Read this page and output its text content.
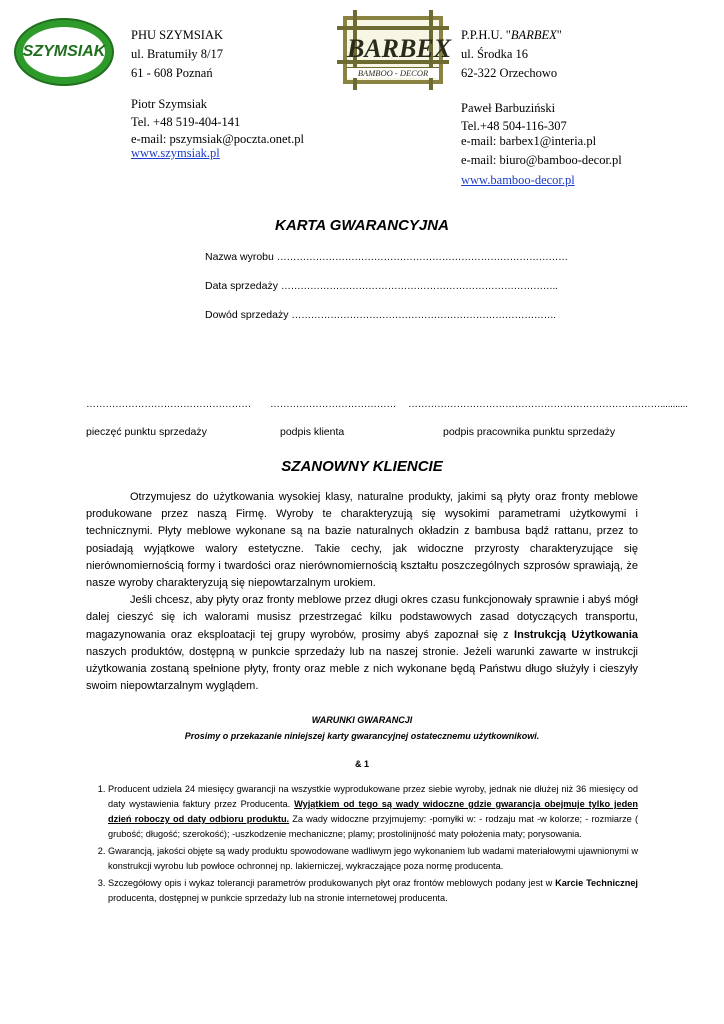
SZYMSIAK	BARBEX
BAMBOO - DECOR
PHU SZYMSIAK
ul. Bratumiły 8/17
61 - 608 Poznań
Piotr Szymsiak
Tel. +48 519-404-141
e-mail: pszymsiak@poczta.onet.pl
www.szymsiak.pl
P.P.H.U. "BARBEX"
ul. Środka 16
62-322 Orzechowo
Paweł Barbuziński
Tel.+48 504-116-307
e-mail: barbex1@interia.pl
e-mail: biuro@bamboo-decor.pl
www.bamboo-decor.pl
KARTA GWARANCYJNA
Nazwa wyrobu ………………………………………………………………………………
Data sprzedaży …………………………………………………………………………..
Dowód sprzedaży ……………………………………………………………………….
…………………………………………… ………………………………… ……………………………………………………………………...........
pieczęć punktu sprzedaży	podpis klienta	podpis pracownika punktu sprzedaży
SZANOWNY KLIENCIE

Otrzymujesz do użytkowania wysokiej klasy, naturalne produkty, jakimi są płyty oraz fronty meblowe produkowane przez naszą Firmę. Wyroby te charakteryzują się wysokimi parametrami użytkowymi i technicznymi. Płyty meblowe wykonane są na bazie naturalnych okładzin z bambusa bądź rattanu, przez to posiadają wyjątkowe walory estetyczne. Takie cechy, jak widoczne przyrosty charakteryzujące się nierównomiernością formy i twardości oraz nierównomiernością kształtu poszczególnych szprosów sprawiają, że nasze wyroby charakteryzują się niepowtarzalnym urokiem.

Jeśli chcesz, aby płyty oraz fronty meblowe przez długi okres czasu funkcjonowały sprawnie i abyś mógł dalej cieszyć się ich walorami musisz przestrzegać kilku podstawowych zasad dotyczących transportu, magazynowania oraz eksploatacji tej grupy wyrobów, prosimy abyś zapoznał się z Instrukcją Użytkowania naszych produktów, dostępną w punkcie sprzedaży lub na naszej stronie. Jeżeli warunki zawarte w instrukcji użytkowania zostaną spełnione płyty, fronty oraz meble z nich wykonane będą Państwu długo służyły i cieszyły swoim niepowtarzalnym wyglądem.

WARUNKI GWARANCJI
Prosimy o przekazanie niniejszej karty gwarancyjnej ostatecznemu użytkownikowi.
& 1
1. Producent udziela 24 miesięcy gwarancji na wszystkie wyprodukowane przez siebie wyroby, jednak nie dłużej niż 36 miesięcy od daty wystawienia faktury przez Producenta. Wyjątkiem od tego są wady widoczne gdzie gwarancja obejmuje tylko jeden dzień roboczy od daty odbioru produktu. Za wady widoczne przyjmujemy: -pomyłki w: - rodzaju mat -w kolorze; - rozmiarze ( grubość; długość; szerokość); -uszkodzenie mechaniczne; plamy; prostolinijność maty położenia maty; porysowania.
2. Gwarancją, jakości objęte są wady produktu spowodowane wadliwym jego wykonaniem lub wadami materiałowymi ujawnionymi w konstrukcji wyrobu lub powłoce ochronnej np. lakierniczej, wykraczające poza normę producenta.
3. Szczegółowy opis i wykaz tolerancji parametrów produkowanych płyt oraz frontów meblowych podany jest w Karcie Technicznej producenta, dostępnej w punkcie sprzedaży lub na stronie internetowej producenta.
